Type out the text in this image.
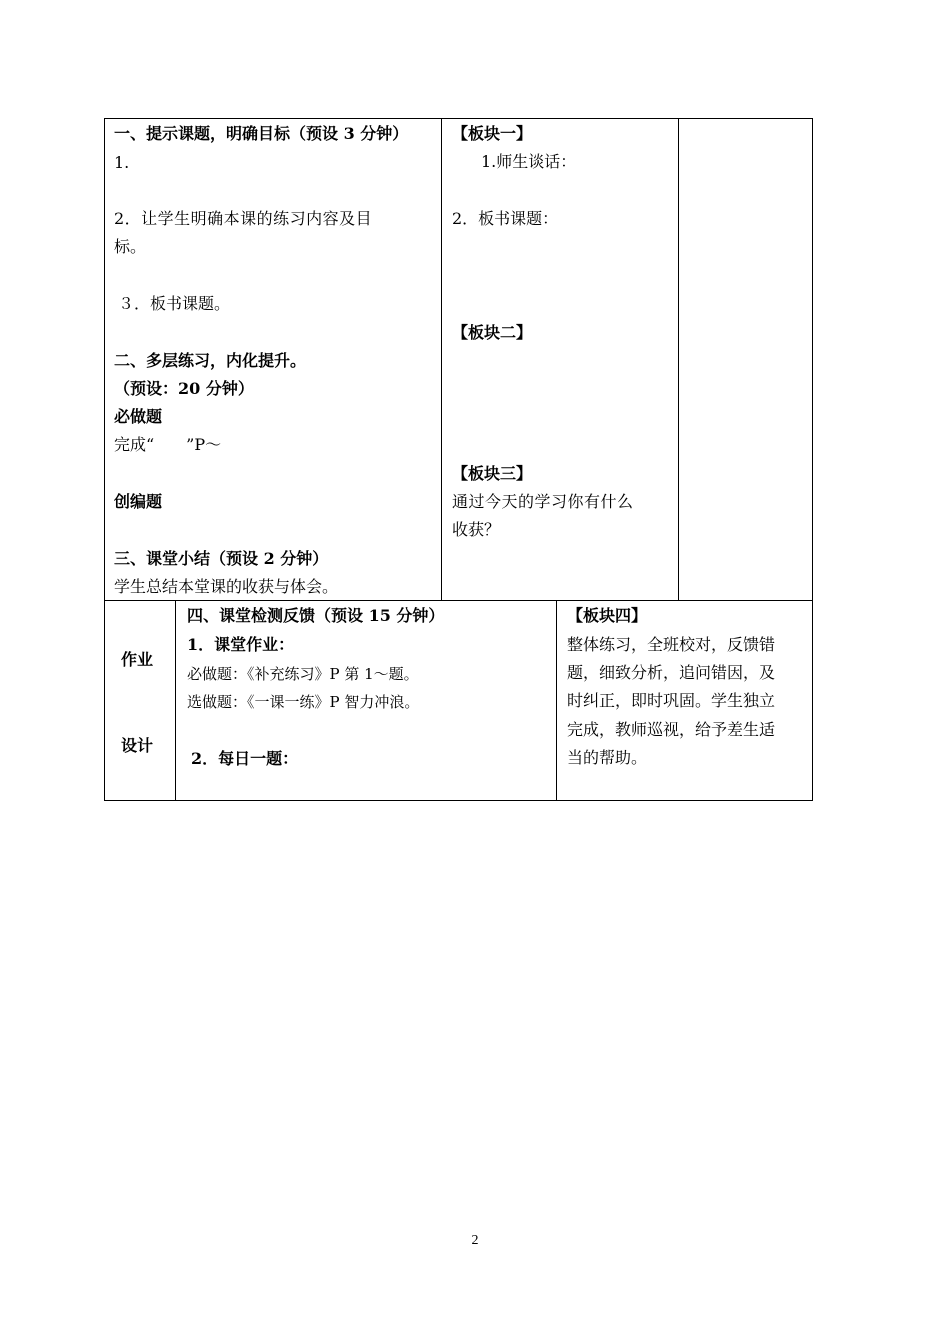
一、提示课题，明确目标（预设 3 分钟）
1.
2．让学生明确本课的练习内容及目
标。
３．板书课题。
二、多层练习，内化提升。
（预设：20 分钟）
必做题
完成“　　”P～
创编题
三、课堂小结（预设 2 分钟）
学生总结本堂课的收获与体会。
【板块一】
1.师生谈话：
2．板书课题：
【板块二】
【板块三】
通过今天的学习你有什么
收获？
作业
设计
四、课堂检测反馈（预设 15 分钟）
1．课堂作业：
必做题：《补充练习》P 第 1～题。
选做题：《一课一练》P 智力冲浪。
2．每日一题：
【板块四】
整体练习，全班校对，反馈错
题，细致分析，追问错因，及
时纠正，即时巩固。学生独立
完成，教师巡视，给予差生适
当的帮助。
2
